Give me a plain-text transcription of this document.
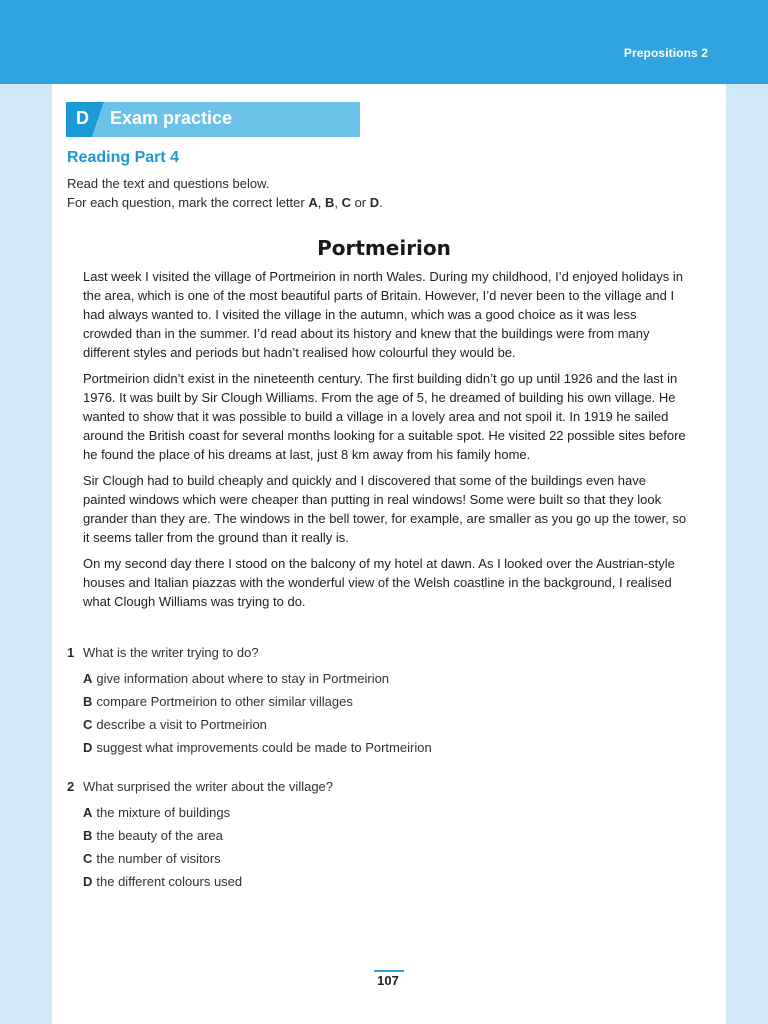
Prepositions 2
D Exam practice
Reading Part 4
Read the text and questions below.
For each question, mark the correct letter A, B, C or D.
Portmeirion

Last week I visited the village of Portmeirion in north Wales. During my childhood, I’d enjoyed holidays in the area, which is one of the most beautiful parts of Britain. However, I’d never been to the village and I had always wanted to. I visited the village in the autumn, which was a good choice as it was less crowded than in the summer. I’d read about its history and knew that the buildings were from many different styles and periods but hadn’t realised how colourful they would be.

Portmeirion didn’t exist in the nineteenth century. The first building didn’t go up until 1926 and the last in 1976. It was built by Sir Clough Williams. From the age of 5, he dreamed of building his own village. He wanted to show that it was possible to build a village in a lovely area and not spoil it. In 1919 he sailed around the British coast for several months looking for a suitable spot. He visited 22 possible sites before he found the place of his dreams at last, just 8 km away from his family home.

Sir Clough had to build cheaply and quickly and I discovered that some of the buildings even have painted windows which were cheaper than putting in real windows! Some were built so that they look grander than they are. The windows in the bell tower, for example, are smaller as you go up the tower, so it seems taller from the ground than it really is.

On my second day there I stood on the balcony of my hotel at dawn. As I looked over the Austrian-style houses and Italian piazzas with the wonderful view of the Welsh coastline in the background, I realised what Clough Williams was trying to do.

1 What is the writer trying to do?
A give information about where to stay in Portmeirion
B compare Portmeirion to other similar villages
C describe a visit to Portmeirion
D suggest what improvements could be made to Portmeirion
2 What surprised the writer about the village?
A the mixture of buildings
B the beauty of the area
C the number of visitors
D the different colours used
107
